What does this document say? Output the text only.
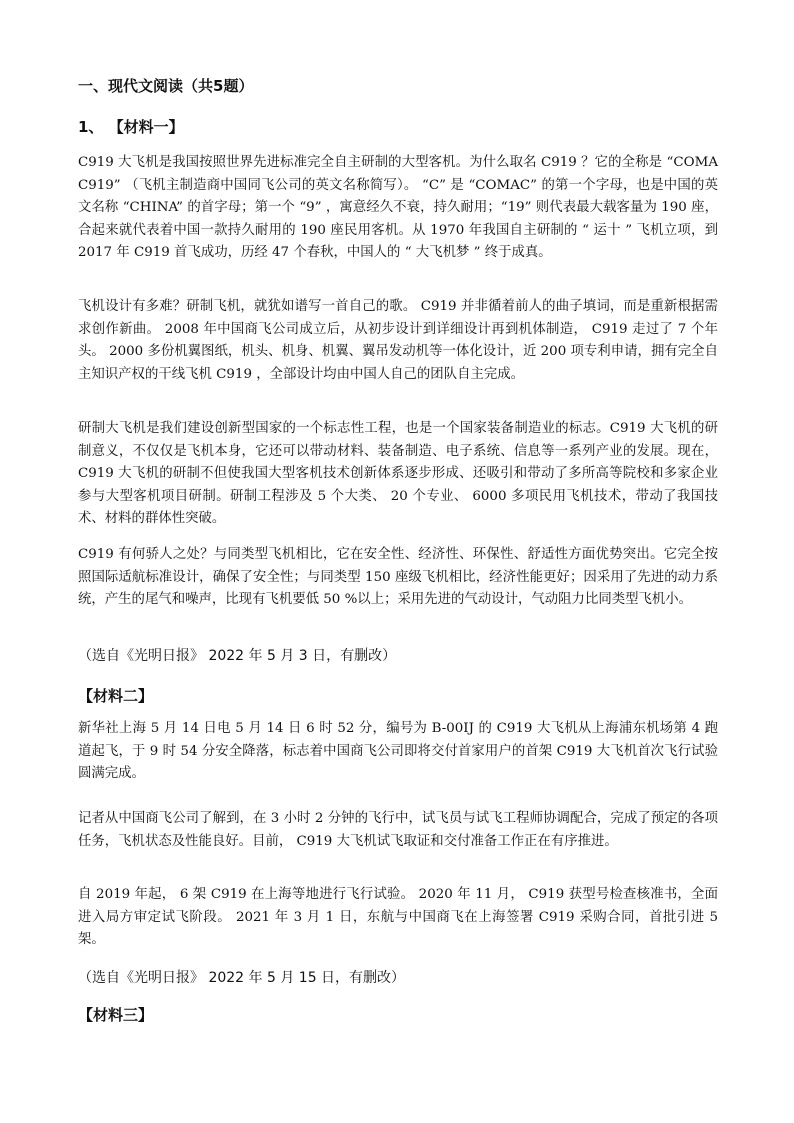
一、现代文阅读（共5题）
1、 【材料一】

C919 大飞机是我国按照世界先进标准完全自主研制的大型客机。为什么取名 C919 ？它的全称是 “COMAC919” （飞机主制造商中国同飞公司的英文名称简写）。 “C” 是 “COMAC” 的第一个字母，也是中国的英文名称 “CHINA” 的首字母；第一个 “9” ，寓意经久不衰，持久耐用；“19” 则代表最大载客量为 190 座，合起来就代表着中国一款持久耐用的 190 座民用客机。从 1970 年我国自主研制的 “ 运十 ” 飞机立项，到 2017 年 C919 首飞成功，历经 47 个春秋，中国人的 “ 大飞机梦 ” 终于成真。

飞机设计有多难？研制飞机，就犹如谱写一首自己的歌。 C919 并非循着前人的曲子填词，而是重新根据需求创作新曲。 2008 年中国商飞公司成立后，从初步设计到详细设计再到机体制造， C919 走过了 7 个年头。 2000 多份机翼图纸，机头、机身、机翼、翼吊发动机等一体化设计，近 200 项专利申请，拥有完全自主知识产权的干线飞机 C919 ，全部设计均由中国人自己的团队自主完成。

研制大飞机是我们建设创新型国家的一个标志性工程，也是一个国家装备制造业的标志。C919 大飞机的研制意义，不仅仅是飞机本身，它还可以带动材料、装备制造、电子系统、信息等一系列产业的发展。现在， C919 大飞机的研制不但使我国大型客机技术创新体系逐步形成、还吸引和带动了多所高等院校和多家企业参与大型客机项目研制。研制工程涉及 5 个大类、 20 个专业、 6000 多项民用飞机技术，带动了我国技术、材料的群体性突破。

C919 有何骄人之处？与同类型飞机相比，它在安全性、经济性、环保性、舒适性方面优势突出。它完全按照国际适航标准设计，确保了安全性；与同类型 150 座级飞机相比，经济性能更好；因采用了先进的动力系统，产生的尾气和噪声，比现有飞机要低 50 %以上；采用先进的气动设计，气动阻力比同类型飞机小。

（选自《光明日报》 2022 年 5 月 3 日，有删改）
【材料二】

新华社上海 5 月 14 日电 5 月 14 日 6 时 52 分，编号为 B-00IJ 的 C919 大飞机从上海浦东机场第 4 跑道起飞，于 9 时 54 分安全降落，标志着中国商飞公司即将交付首家用户的首架 C919 大飞机首次飞行试验圆满完成。

记者从中国商飞公司了解到，在 3 小时 2 分钟的飞行中，试飞员与试飞工程师协调配合，完成了预定的各项任务，飞机状态及性能良好。目前， C919 大飞机试飞取证和交付准备工作正在有序推进。

自 2019 年起， 6 架 C919 在上海等地进行飞行试验。 2020 年 11 月， C919 获型号检查核准书，全面进入局方审定试飞阶段。 2021 年 3 月 1 日，东航与中国商飞在上海签署 C919 采购合同，首批引进 5 架。

（选自《光明日报》 2022 年 5 月 15 日，有删改）
【材料三】
